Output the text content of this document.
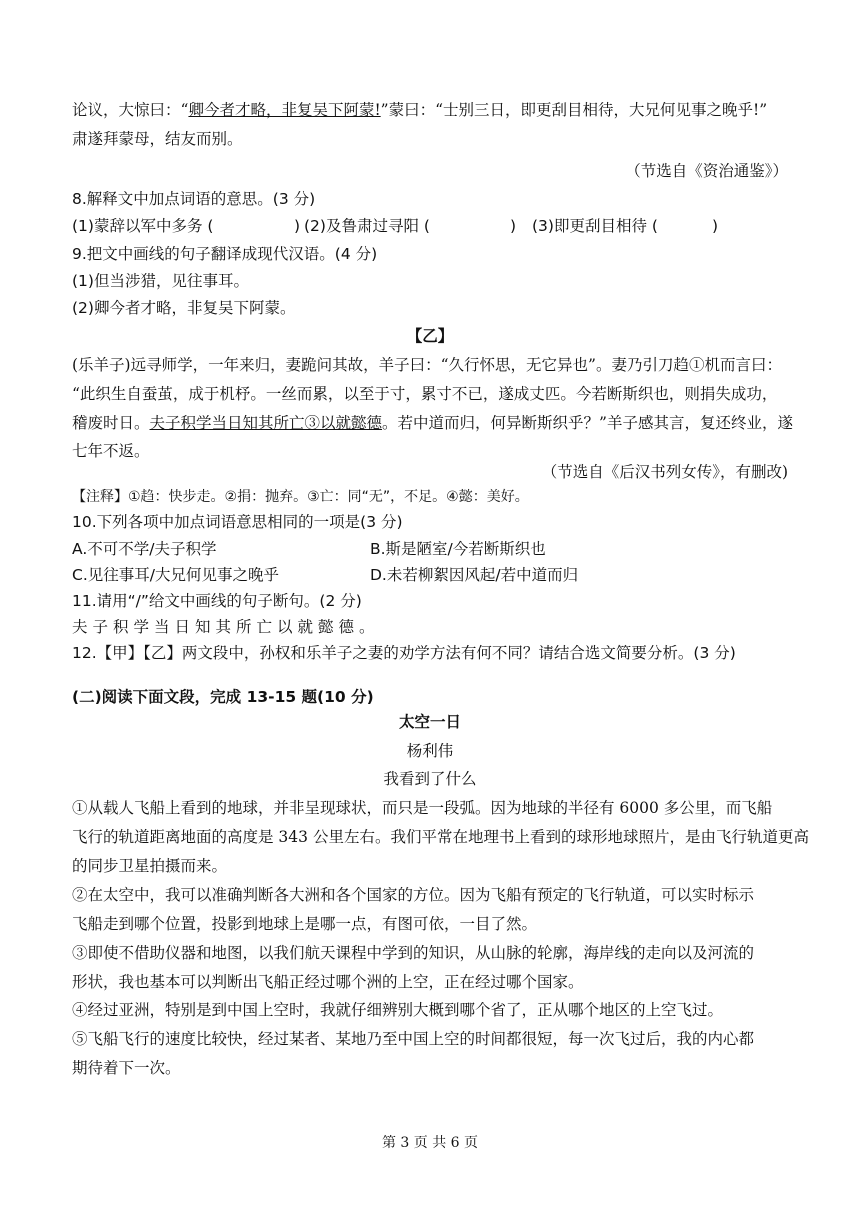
论议，大惊曰：“卿今者才略，非复吴下阿蒙!”蒙曰：“士别三日，即更刮目相待，大兄何见事之晚乎!”
肃遂拜蒙母，结友而别。
（节选自《资治通鉴》）
8.解释文中加点词语的意思。(3 分)
(1)蒙辞以军中多务 (	) (2)及鲁肃过寻阳 (	) (3)即更刮目相待 (	)
9.把文中画线的句子翻译成现代汉语。(4 分)
(1)但当涉猎，见往事耳。
(2)卿今者才略，非复吴下阿蒙。
【乙】
(乐羊子)远寻师学，一年来归，妻跪问其故，羊子曰：“久行怀思，无它异也”。妻乃引刀趋①机而言曰：
“此织生自蚕茧，成于机杼。一丝而累，以至于寸，累寸不已，遂成丈匹。今若断斯织也，则捐失成功，
稽废时日。夫子积学当日知其所亡③以就懿德。若中道而归，何异断斯织乎？”羊子感其言，复还终业，遂
七年不返。
（节选自《后汉书列女传》，有删改)
【注释】①趋：快步走。②捐：抛弃。③亡：同“无”，不足。④懿：美好。
10.下列各项中加点词语意思相同的一项是(3 分)
A.不可不学/夫子积学	B.斯是陋室/今若断斯织也
C.见往事耳/大兄何见事之晚乎	D.未若柳絮因风起/若中道而归
11.请用“/”给文中画线的句子断句。(2 分)
夫子积学当日知其所亡以就懿德。
12.【甲】【乙】两文段中，孙权和乐羊子之妻的劝学方法有何不同？请结合选文简要分析。(3 分)
(二)阅读下面文段，完成 13-15 题(10 分)
太空一日
杨利伟
我看到了什么
①从载人飞船上看到的地球，并非呈现球状，而只是一段弧。因为地球的半径有 6000 多公里，而飞船
飞行的轨道距离地面的高度是 343 公里左右。我们平常在地理书上看到的球形地球照片，是由飞行轨道更高
的同步卫星拍摄而来。
②在太空中，我可以准确判断各大洲和各个国家的方位。因为飞船有预定的飞行轨道，可以实时标示
飞船走到哪个位置，投影到地球上是哪一点，有图可依，一目了然。
③即使不借助仪器和地图，以我们航天课程中学到的知识，从山脉的轮廓，海岸线的走向以及河流的
形状，我也基本可以判断出飞船正经过哪个洲的上空，正在经过哪个国家。
④经过亚洲，特别是到中国上空时，我就仔细辨别大概到哪个省了，正从哪个地区的上空飞过。
⑤飞船飞行的速度比较快，经过某者、某地乃至中国上空的时间都很短，每一次飞过后，我的内心都
期待着下一次。
第 3 页 共 6 页
